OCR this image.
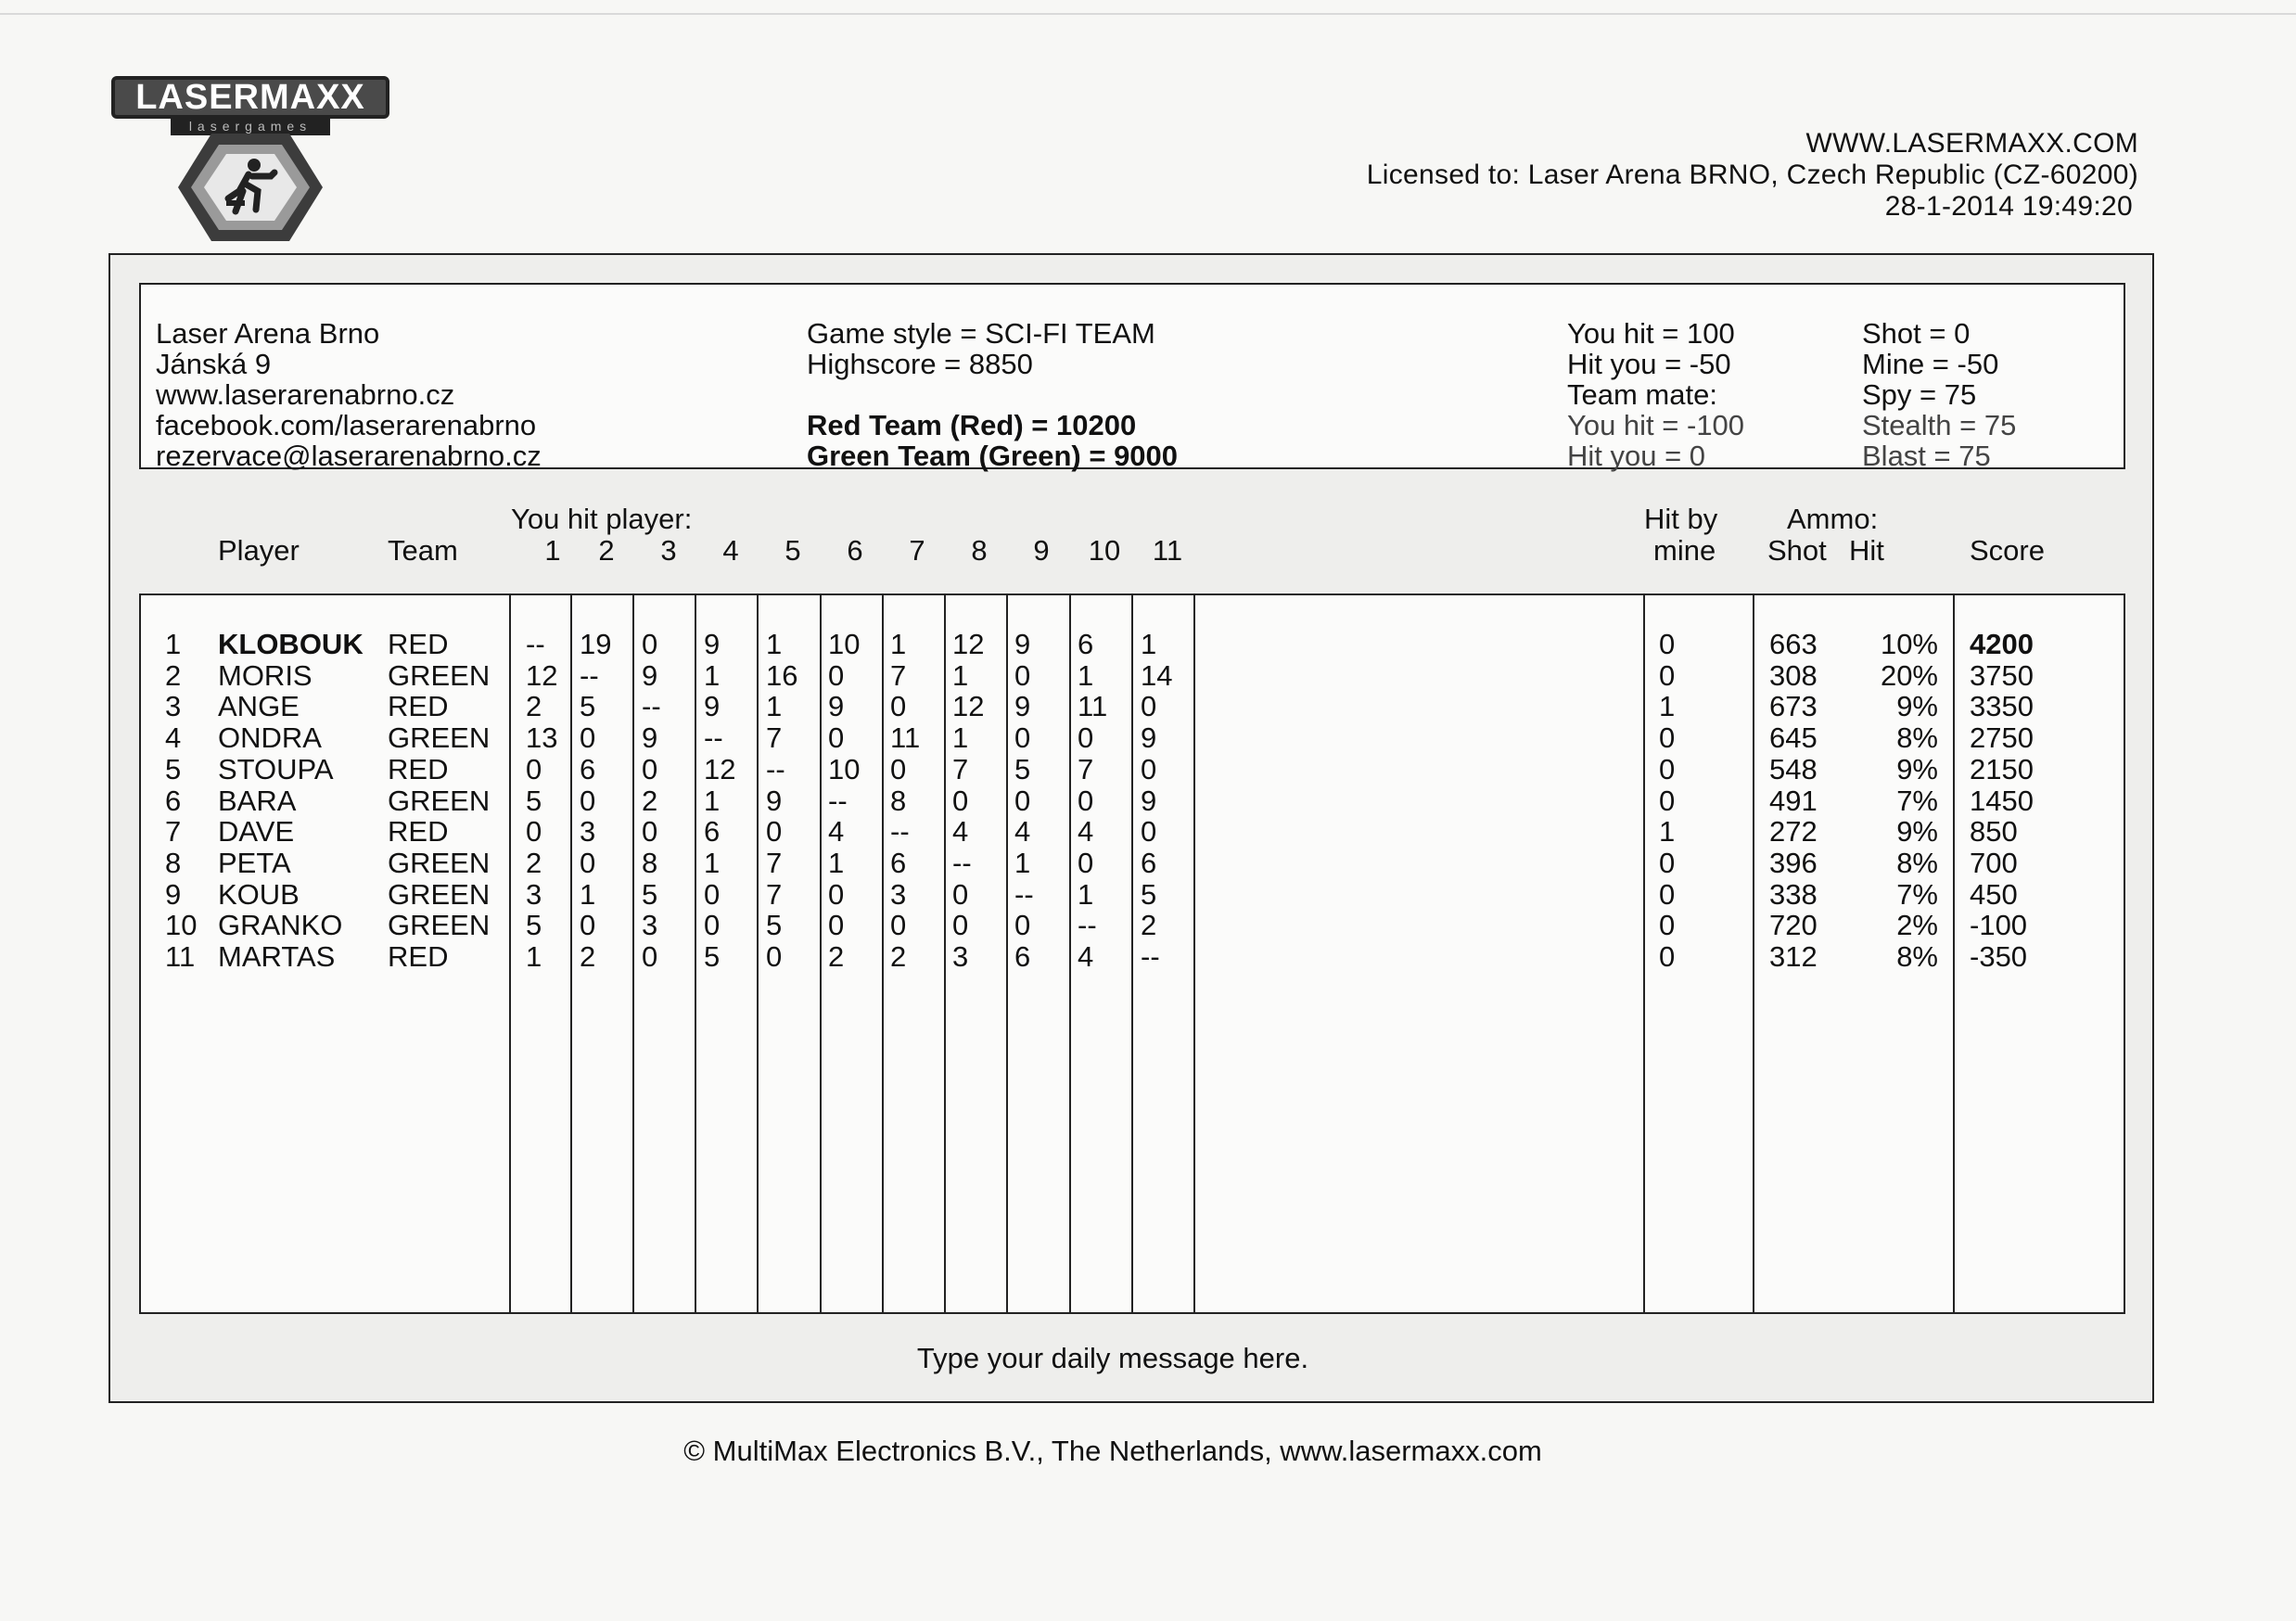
LASERMAXX
lasergames
WWW.LASERMAXX.COM
Licensed to: Laser Arena BRNO, Czech Republic (CZ-60200)
28-1-2014 19:49:20
Laser Arena Brno
Jánská 9
www.laserarenabrno.cz
facebook.com/laserarenabrno
rezervace@laserarenabrno.cz
Game style = SCI-FI TEAM
Highscore = 8850
Red Team (Red) = 10200
Green Team (Green) = 9000
You hit = 100
Hit you = -50
Team mate:
You hit = -100
Hit you = 0
Shot = 0
Mine = -50
Spy = 75
Stealth = 75
Blast = 75
You hit player:
Player	Team	1	2	3	4	5	6	7	8	9	10 11
Hit by
mine
Ammo:
Shot Hit	Score
1 KLOBOUK RED	-- 19 0 9 1 10 1 12 9 6 1	0	663	10% 4200
2 MORIS	GREEN 12 -- 9 1 16 0 7 1 0 1 14	0	308	20% 3750
3 ANGE	RED	2 5 -- 9 1 9 0 12 9 11 0	1	673	9% 3350
4 ONDRA GREEN 13 0 9 -- 7 0 11 1 0 0 9	0	645	8% 2750
5 STOUPA RED	0 6 0 12 -- 10 0 7 5 7 0	0	548	9% 2150
6 BARA	GREEN 5 0 2 1 9 -- 8 0 0 0 9	0	491	7% 1450
7 DAVE	RED	0 3 0 6 0 4 -- 4 4 4 0	1	272	9% 850
8 PETA	GREEN 2 0 8 1 7 1 6 -- 1 0 6	0	396	8% 700
9 KOUB	GREEN 3 1 5 0 7 0 3 0 -- 1 5	0	338	7% 450
10 GRANKO GREEN 5 0 3 0 5 0 0 0 0 -- 2	0	720	2% -100
11 MARTAS RED	1 2 0 5 0 2 2 3 6 4 --	0	312	8% -350
Type your daily message here.
© MultiMax Electronics B.V., The Netherlands, www.lasermaxx.com
